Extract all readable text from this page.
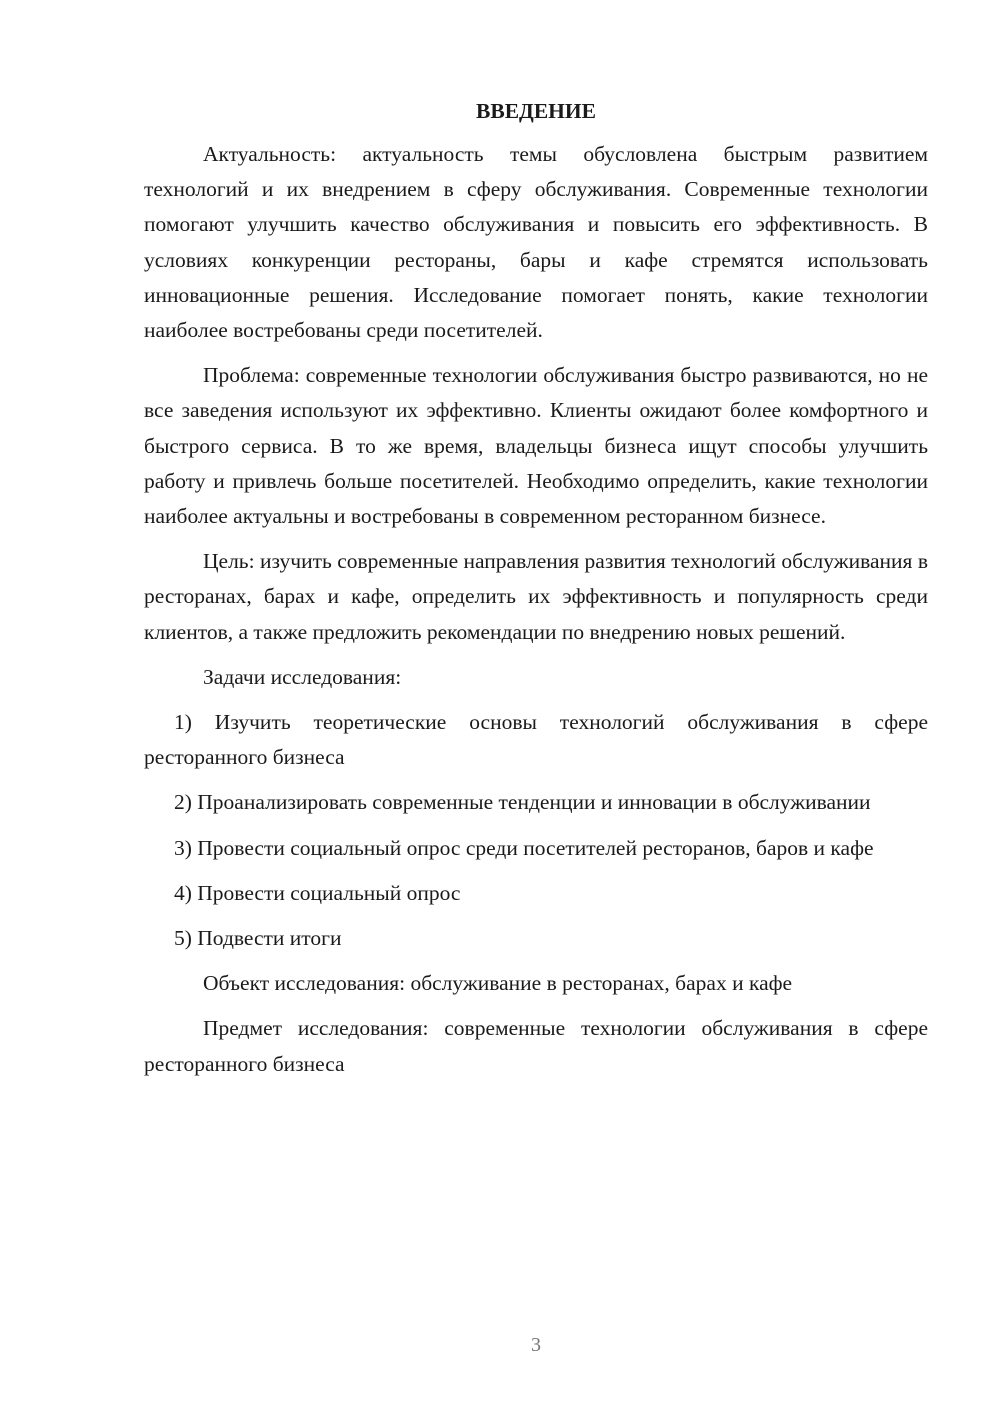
ВВЕДЕНИЕ

Актуальность: актуальность темы обусловлена быстрым развитием технологий и их внедрением в сферу обслуживания. Современные технологии помогают улучшить качество обслуживания и повысить его эффективность. В условиях конкуренции рестораны, бары и кафе стремятся использовать инновационные решения. Исследование помогает понять, какие технологии наиболее востребованы среди посетителей.

Проблема: современные технологии обслуживания быстро развиваются, но не все заведения используют их эффективно. Клиенты ожидают более комфортного и быстрого сервиса. В то же время, владельцы бизнеса ищут способы улучшить работу и привлечь больше посетителей. Необходимо определить, какие технологии наиболее актуальны и востребованы в современном ресторанном бизнесе.

Цель: изучить современные направления развития технологий обслуживания в ресторанах, барах и кафе, определить их эффективность и популярность среди клиентов, а также предложить рекомендации по внедрению новых решений.

Задачи исследования:

1) Изучить теоретические основы технологий обслуживания в сфере ресторанного бизнеса

2) Проанализировать современные тенденции и инновации в обслуживании

3) Провести социальный опрос среди посетителей ресторанов, баров и кафе

4) Провести социальный опрос

5) Подвести итоги

Объект исследования: обслуживание в ресторанах, барах и кафе

Предмет исследования: современные технологии обслуживания в сфере ресторанного бизнеса

3
